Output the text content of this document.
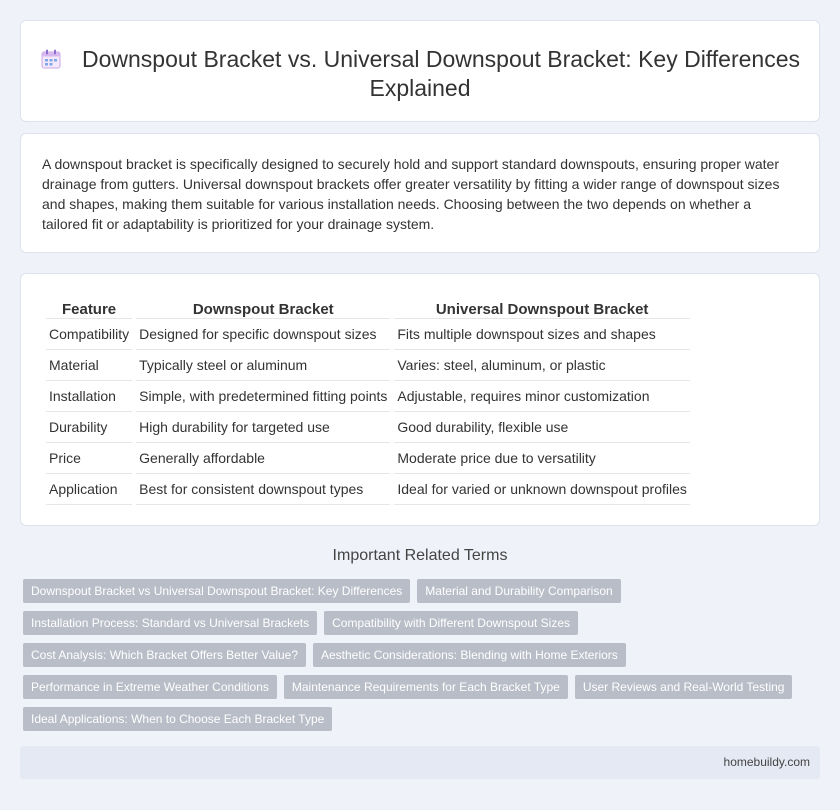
Downspout Bracket vs. Universal Downspout Bracket: Key Differences Explained

A downspout bracket is specifically designed to securely hold and support standard downspouts, ensuring proper water drainage from gutters. Universal downspout brackets offer greater versatility by fitting a wider range of downspout sizes and shapes, making them suitable for various installation needs. Choosing between the two depends on whether a tailored fit or adaptability is prioritized for your drainage system.

Feature	Downspout Bracket	Universal Downspout Bracket
Compatibility	Designed for specific downspout sizes	Fits multiple downspout sizes and shapes
Material	Typically steel or aluminum	Varies: steel, aluminum, or plastic
Installation	Simple, with predetermined fitting points	Adjustable, requires minor customization
Durability	High durability for targeted use	Good durability, flexible use
Price	Generally affordable	Moderate price due to versatility
Application	Best for consistent downspout types	Ideal for varied or unknown downspout profiles
Important Related Terms
Downspout Bracket vs Universal Downspout Bracket: Key Differences	Material and Durability Comparison
Installation Process: Standard vs Universal Brackets	Compatibility with Different Downspout Sizes
Cost Analysis: Which Bracket Offers Better Value?	Aesthetic Considerations: Blending with Home Exteriors
Performance in Extreme Weather Conditions	Maintenance Requirements for Each Bracket Type	User Reviews and Real-World Testing
Ideal Applications: When to Choose Each Bracket Type
homebuildy.com
